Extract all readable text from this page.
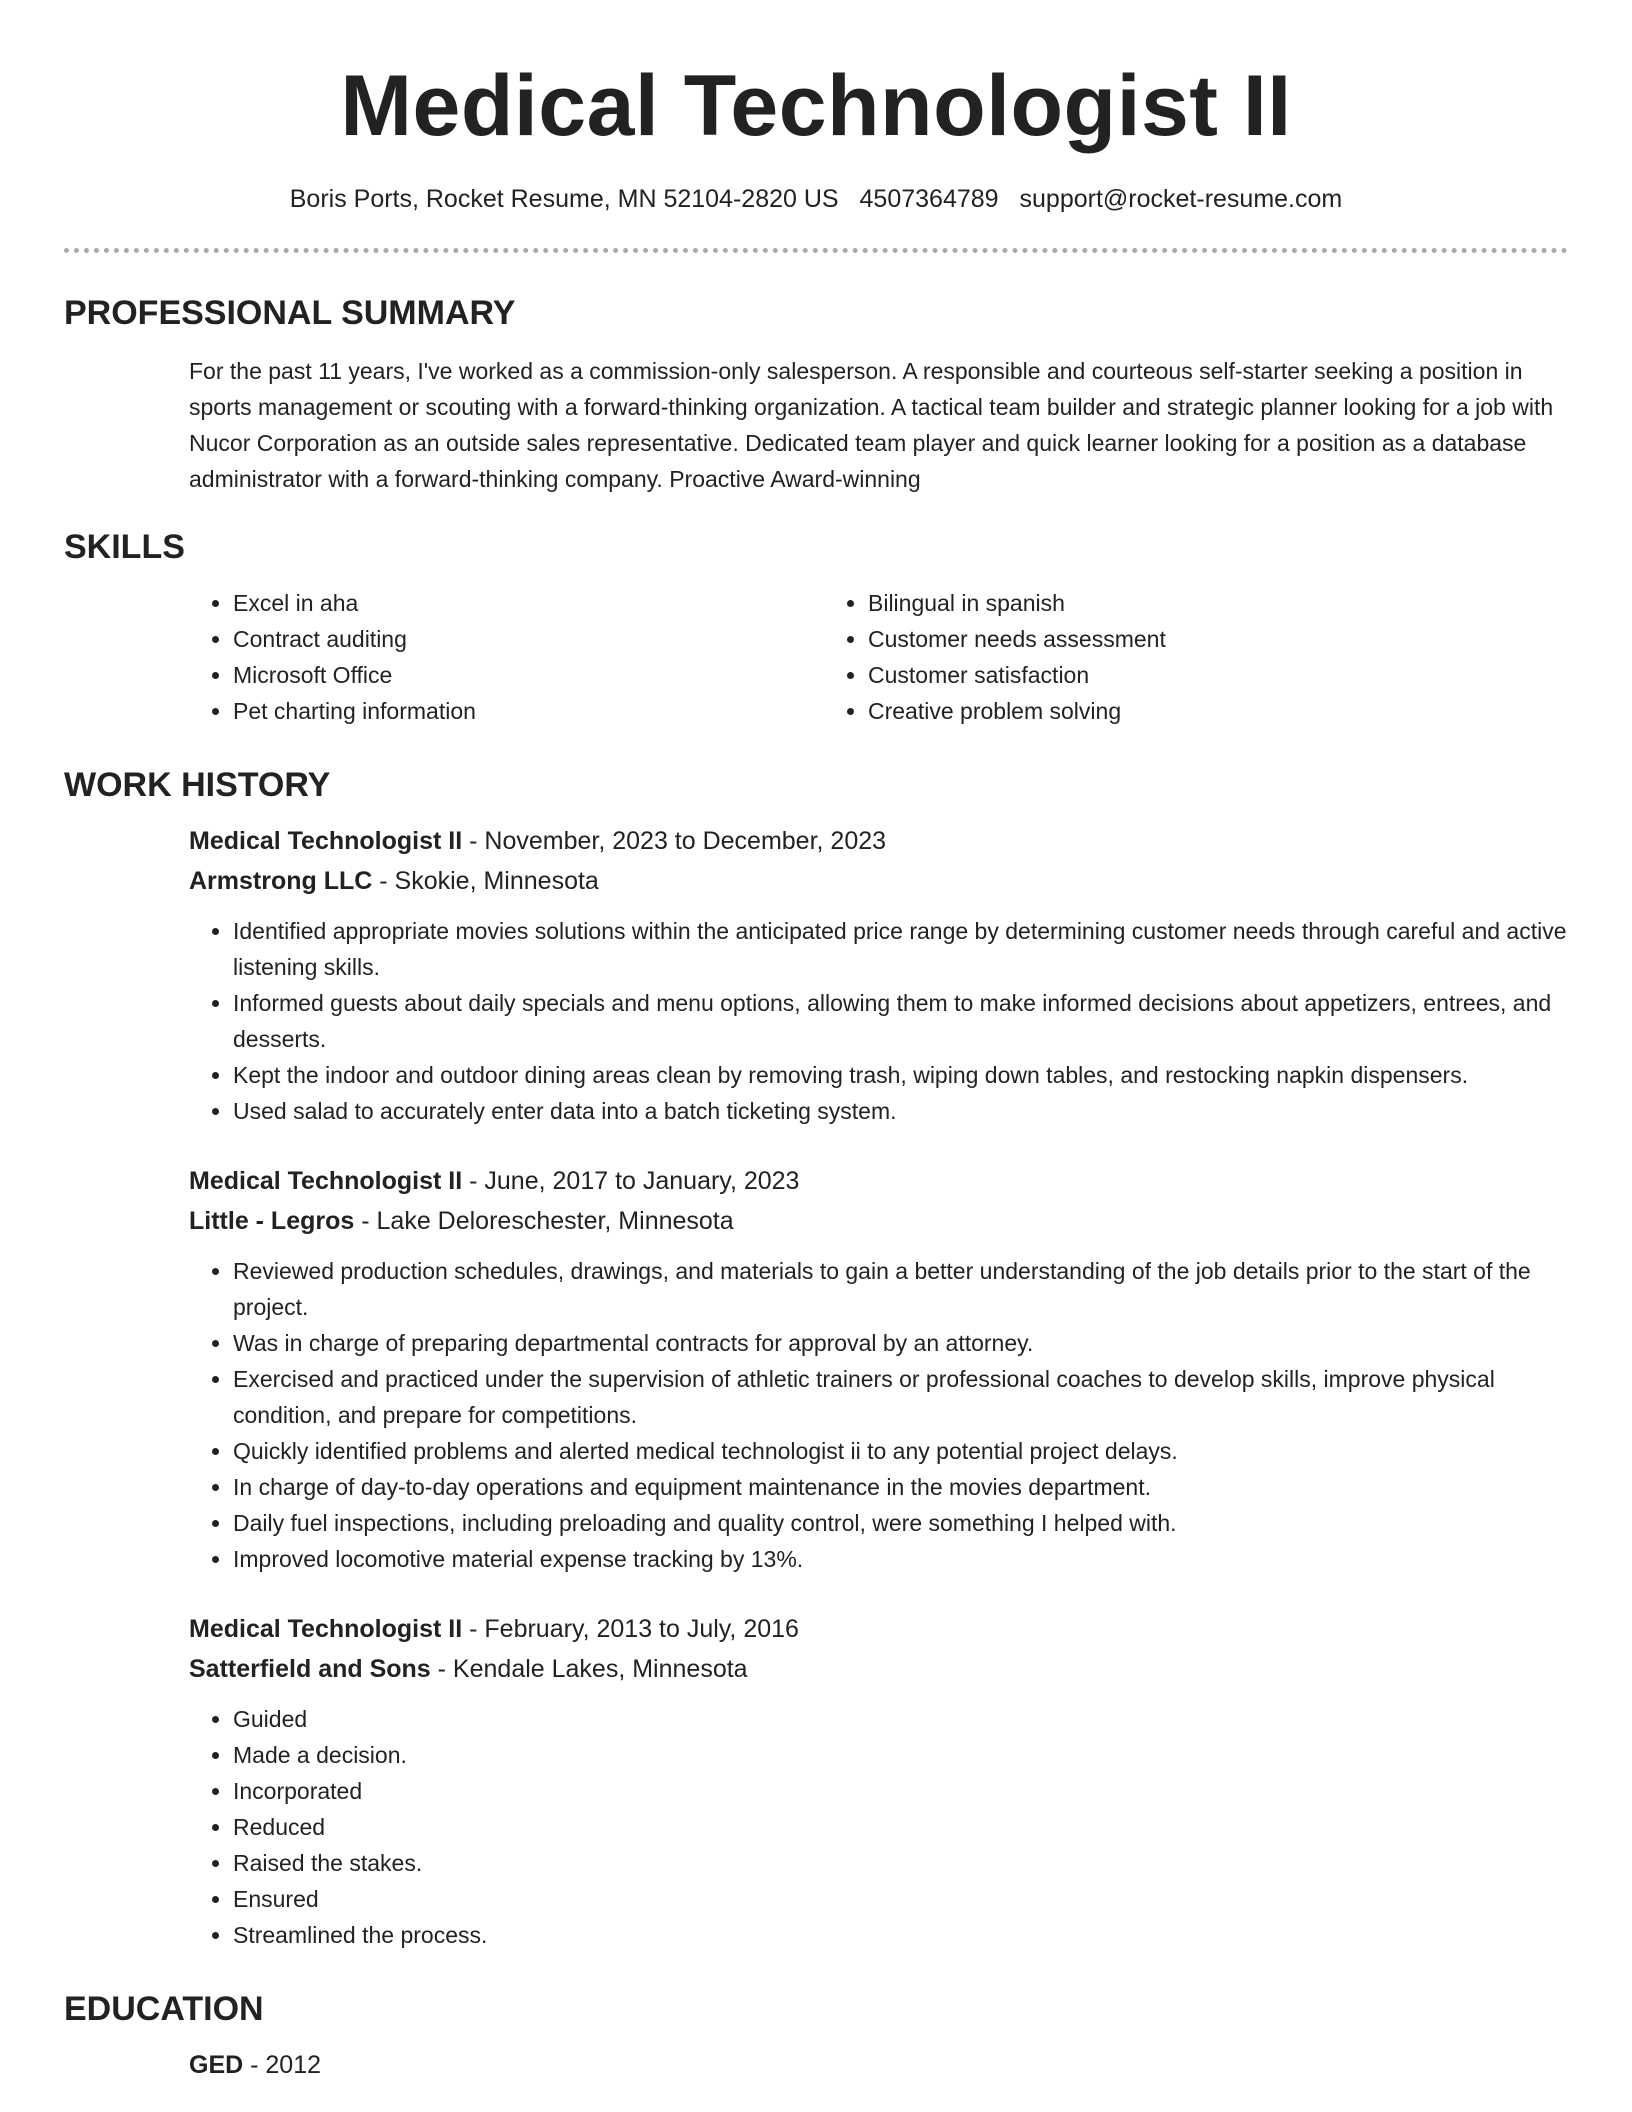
Medical Technologist II
Boris Ports, Rocket Resume, MN 52104-2820 US 4507364789 support@rocket-resume.com
PROFESSIONAL SUMMARY

For the past 11 years, I've worked as a commission-only salesperson. A responsible and courteous self-starter seeking a position in sports management or scouting with a forward-thinking organization. A tactical team builder and strategic planner looking for a job with Nucor Corporation as an outside sales representative. Dedicated team player and quick learner looking for a position as a database administrator with a forward-thinking company. Proactive Award-winning

SKILLS
• Excel in aha
• Contract auditing
• Microsoft Office
• Pet charting information
• Bilingual in spanish
• Customer needs assessment
• Customer satisfaction
• Creative problem solving
WORK HISTORY
Medical Technologist II - November, 2023 to December, 2023
Armstrong LLC - Skokie, Minnesota
• Identified appropriate movies solutions within the anticipated price range by determining customer needs through careful and active listening skills.
• Informed guests about daily specials and menu options, allowing them to make informed decisions about appetizers, entrees, and desserts.
• Kept the indoor and outdoor dining areas clean by removing trash, wiping down tables, and restocking napkin dispensers.
• Used salad to accurately enter data into a batch ticketing system.
Medical Technologist II - June, 2017 to January, 2023
Little - Legros - Lake Deloreschester, Minnesota
• Reviewed production schedules, drawings, and materials to gain a better understanding of the job details prior to the start of the project.
• Was in charge of preparing departmental contracts for approval by an attorney.
• Exercised and practiced under the supervision of athletic trainers or professional coaches to develop skills, improve physical condition, and prepare for competitions.
• Quickly identified problems and alerted medical technologist ii to any potential project delays.
• In charge of day-to-day operations and equipment maintenance in the movies department.
• Daily fuel inspections, including preloading and quality control, were something I helped with.
• Improved locomotive material expense tracking by 13%.
Medical Technologist II - February, 2013 to July, 2016
Satterfield and Sons - Kendale Lakes, Minnesota
• Guided
• Made a decision.
• Incorporated
• Reduced
• Raised the stakes.
• Ensured
• Streamlined the process.
EDUCATION
GED - 2012
